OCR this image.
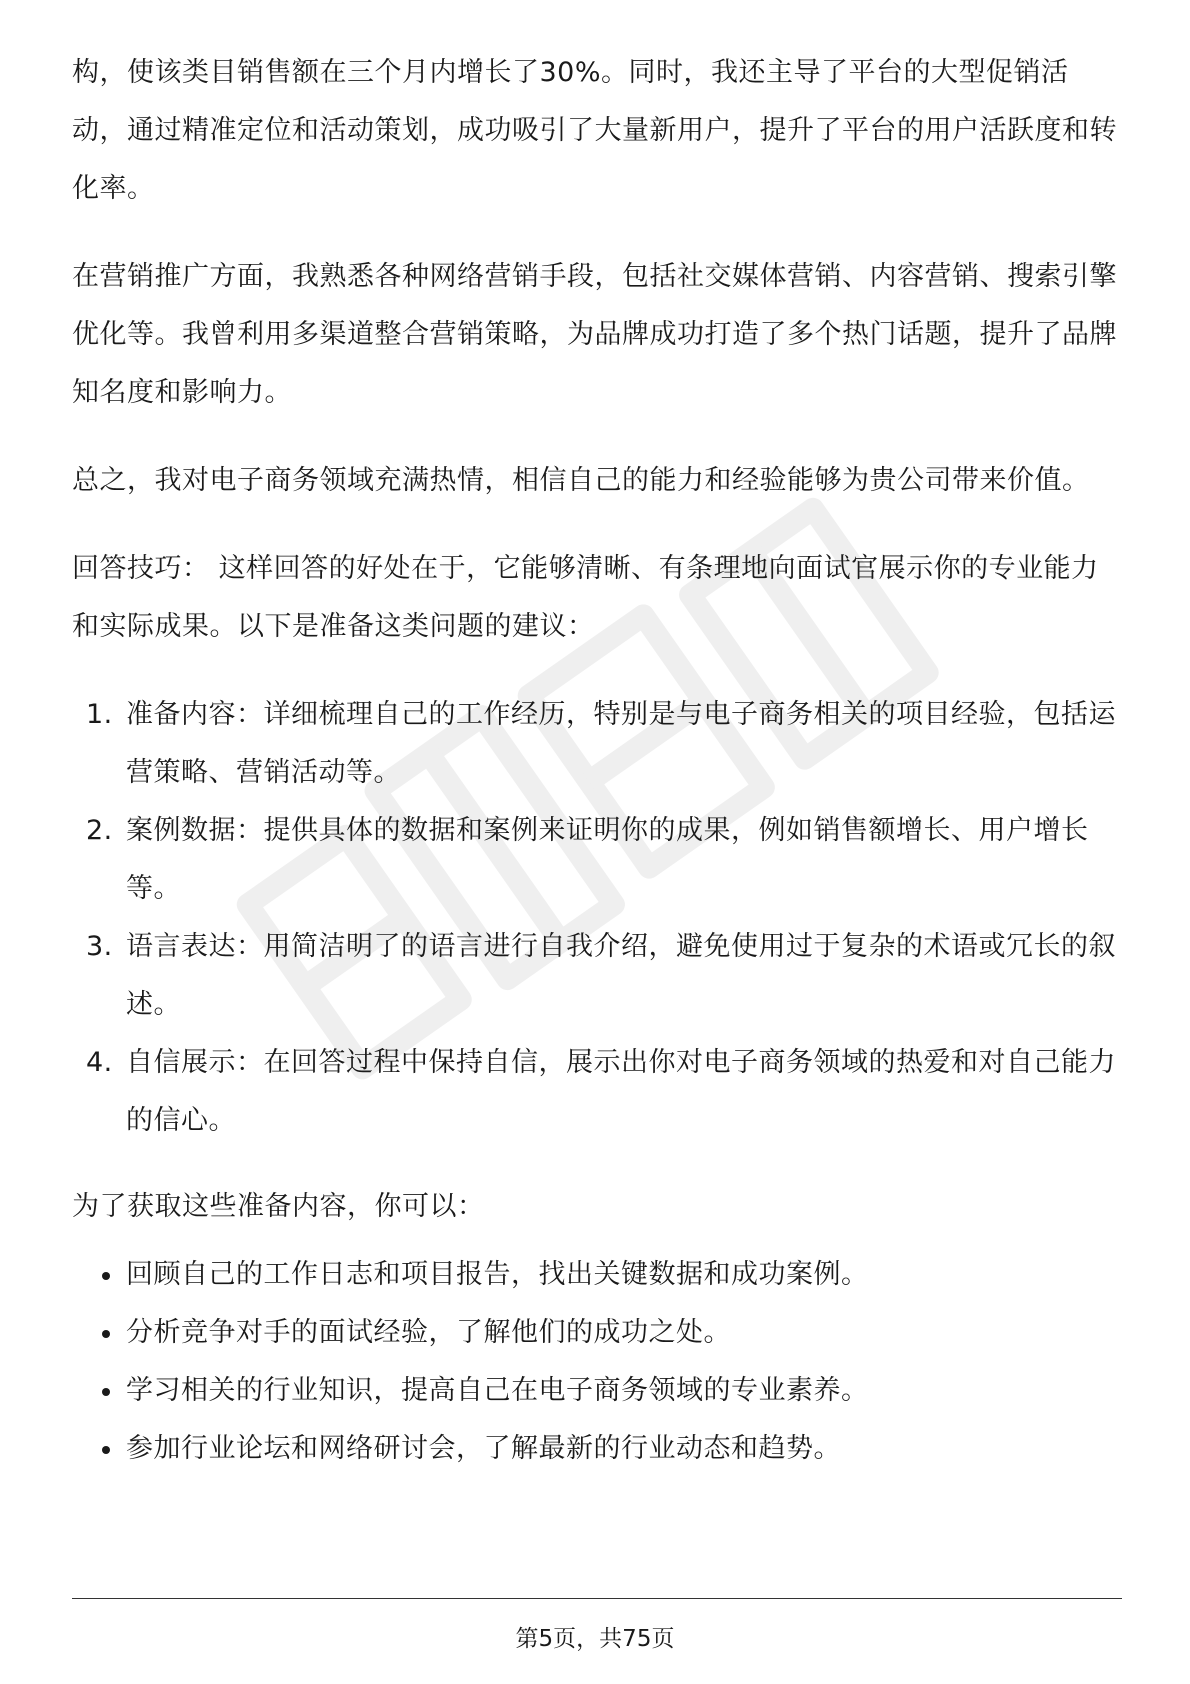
构，使该类目销售额在三个月内增长了30%。同时，我还主导了平台的大型促销活动，通过精准定位和活动策划，成功吸引了大量新用户，提升了平台的用户活跃度和转化率。

在营销推广方面，我熟悉各种网络营销手段，包括社交媒体营销、内容营销、搜索引擎优化等。我曾利用多渠道整合营销策略，为品牌成功打造了多个热门话题，提升了品牌知名度和影响力。

总之，我对电子商务领域充满热情，相信自己的能力和经验能够为贵公司带来价值。

回答技巧： 这样回答的好处在于，它能够清晰、有条理地向面试官展示你的专业能力和实际成果。以下是准备这类问题的建议：

1. 准备内容：详细梳理自己的工作经历，特别是与电子商务相关的项目经验，包括运营策略、营销活动等。
2. 案例数据：提供具体的数据和案例来证明你的成果，例如销售额增长、用户增长等。
3. 语言表达：用简洁明了的语言进行自我介绍，避免使用过于复杂的术语或冗长的叙述。
4. 自信展示：在回答过程中保持自信，展示出你对电子商务领域的热爱和对自己能力的信心。

为了获取这些准备内容，你可以：

回顾自己的工作日志和项目报告，找出关键数据和成功案例。
分析竞争对手的面试经验，了解他们的成功之处。
学习相关的行业知识，提高自己在电子商务领域的专业素养。
参加行业论坛和网络研讨会，了解最新的行业动态和趋势。
第5页，共75页
